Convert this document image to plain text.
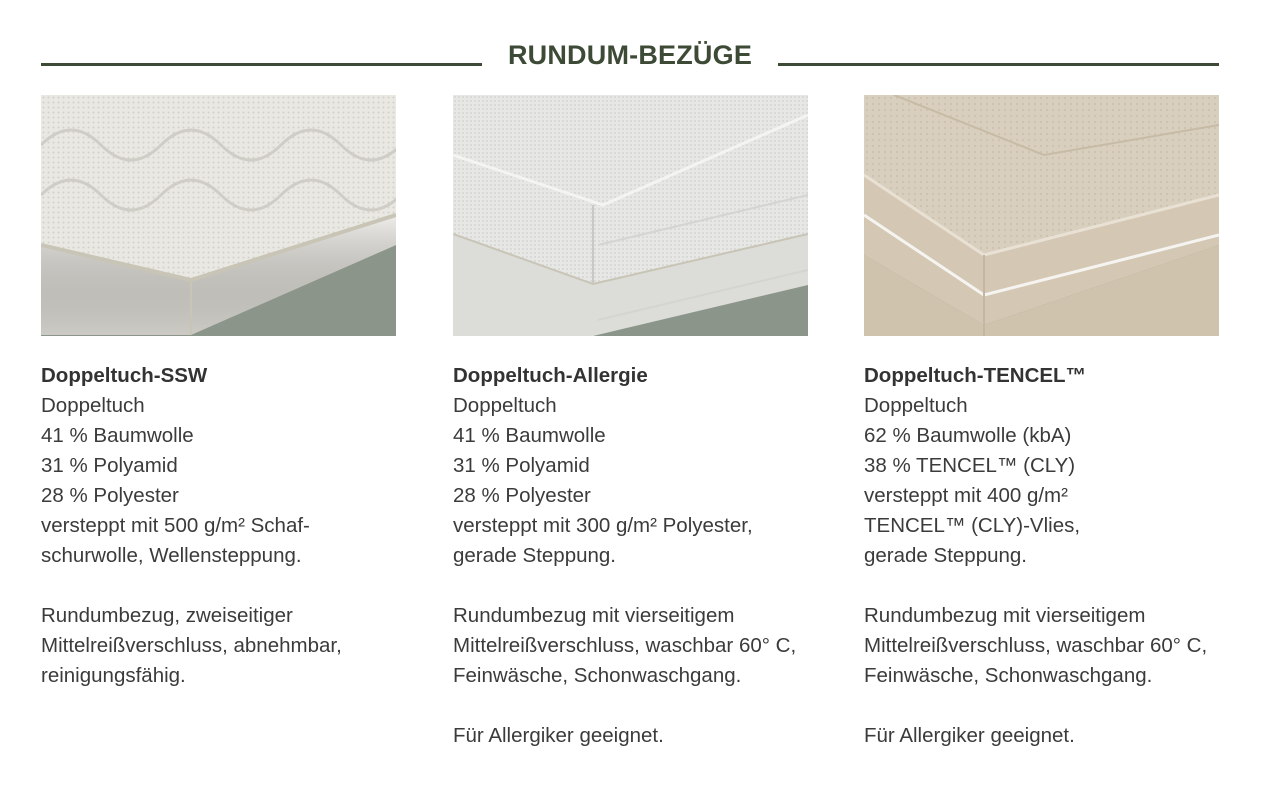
RUNDUM-BEZÜGE
Doppeltuch-SSW
Doppeltuch
41 % Baumwolle
31 % Polyamid
28 % Polyester
versteppt mit 500 g/m² Schaf-
schurwolle, Wellensteppung.
Rundumbezug, zweiseitiger
Mittelreißverschluss, abnehmbar,
reinigungsfähig.
Doppeltuch-Allergie
Doppeltuch
41 % Baumwolle
31 % Polyamid
28 % Polyester
versteppt mit 300 g/m² Polyester,
gerade Steppung.
Rundumbezug mit vierseitigem
Mittelreißverschluss, waschbar 60° C,
Feinwäsche, Schonwaschgang.
Für Allergiker geeignet.
Doppeltuch-TENCEL™
Doppeltuch
62 % Baumwolle (kbA)
38 % TENCEL™ (CLY)
versteppt mit 400 g/m²
TENCEL™ (CLY)-Vlies,
gerade Steppung.
Rundumbezug mit vierseitigem
Mittelreißverschluss, waschbar 60° C,
Feinwäsche, Schonwaschgang.
Für Allergiker geeignet.
